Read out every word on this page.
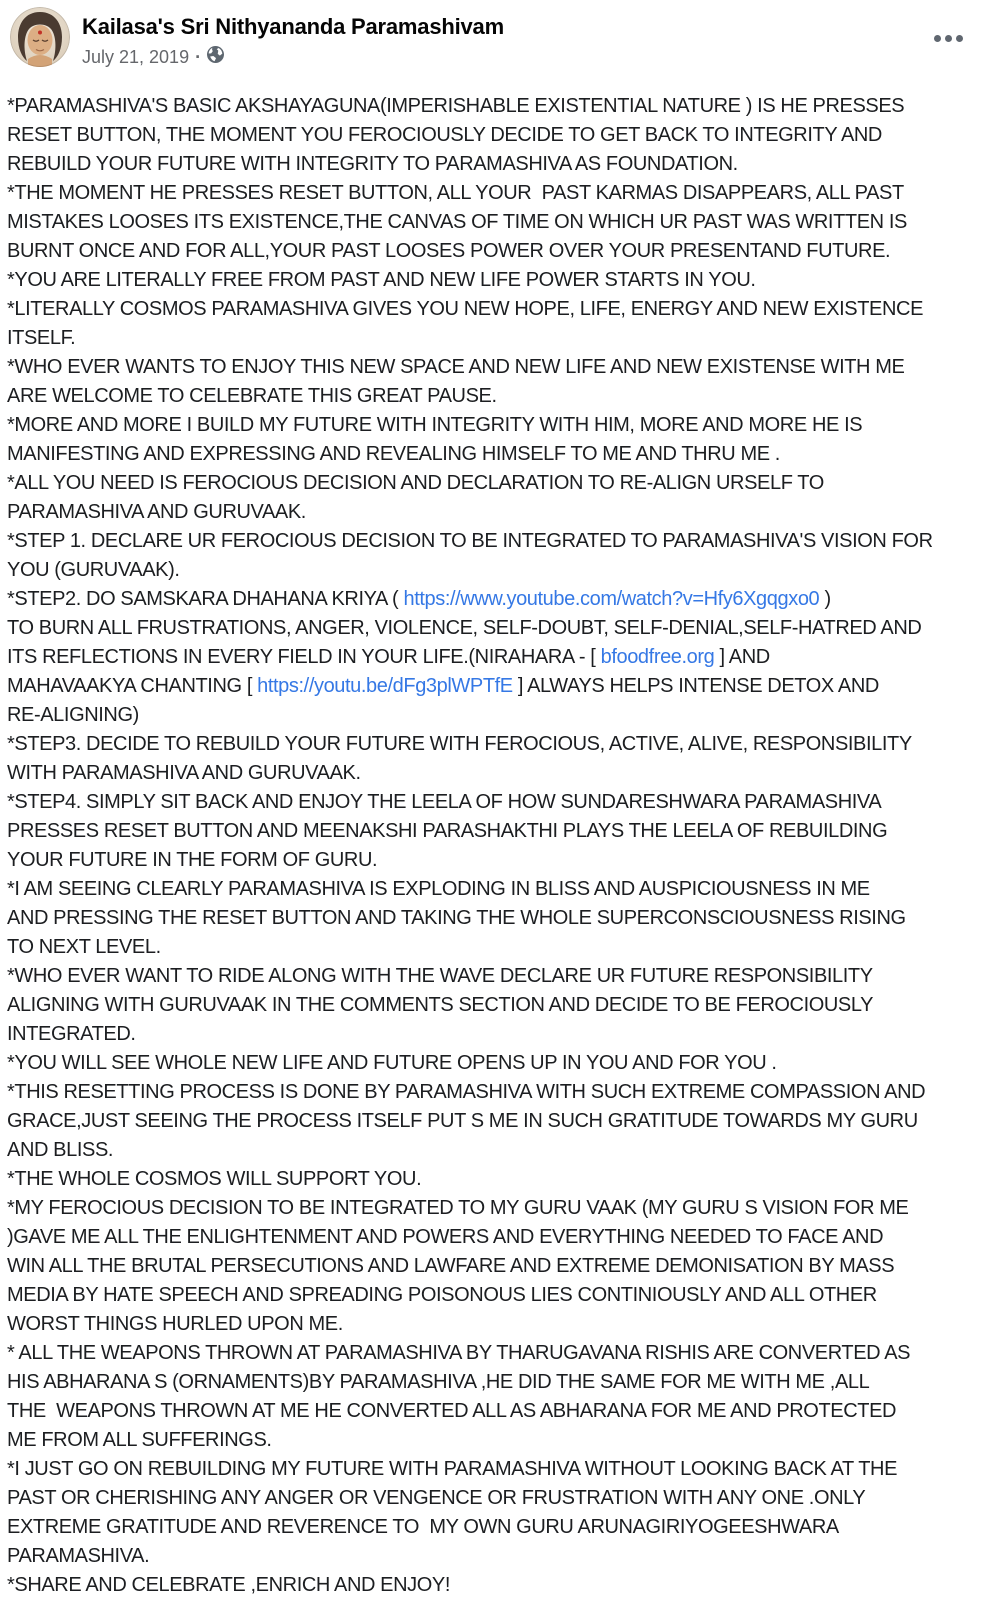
Kailasa's Sri Nithyananda Paramashivam
July 21, 2019 ·
*PARAMASHIVA'S BASIC AKSHAYAGUNA(IMPERISHABLE EXISTENTIAL NATURE ) IS HE PRESSES
RESET BUTTON, THE MOMENT YOU FEROCIOUSLY DECIDE TO GET BACK TO INTEGRITY AND
REBUILD YOUR FUTURE WITH INTEGRITY TO PARAMASHIVA AS FOUNDATION.
*THE MOMENT HE PRESSES RESET BUTTON, ALL YOUR  PAST KARMAS DISAPPEARS, ALL PAST
MISTAKES LOOSES ITS EXISTENCE,THE CANVAS OF TIME ON WHICH UR PAST WAS WRITTEN IS
BURNT ONCE AND FOR ALL,YOUR PAST LOOSES POWER OVER YOUR PRESENTAND FUTURE.
*YOU ARE LITERALLY FREE FROM PAST AND NEW LIFE POWER STARTS IN YOU.
*LITERALLY COSMOS PARAMASHIVA GIVES YOU NEW HOPE, LIFE, ENERGY AND NEW EXISTENCE
ITSELF.
*WHO EVER WANTS TO ENJOY THIS NEW SPACE AND NEW LIFE AND NEW EXISTENSE WITH ME
ARE WELCOME TO CELEBRATE THIS GREAT PAUSE.
*MORE AND MORE I BUILD MY FUTURE WITH INTEGRITY WITH HIM, MORE AND MORE HE IS
MANIFESTING AND EXPRESSING AND REVEALING HIMSELF TO ME AND THRU ME .
*ALL YOU NEED IS FEROCIOUS DECISION AND DECLARATION TO RE-ALIGN URSELF TO
PARAMASHIVA AND GURUVAAK.
*STEP 1. DECLARE UR FEROCIOUS DECISION TO BE INTEGRATED TO PARAMASHIVA'S VISION FOR
YOU (GURUVAAK).
*STEP2. DO SAMSKARA DHAHANA KRIYA ( https://www.youtube.com/watch?v=Hfy6Xgqgxo0 )
TO BURN ALL FRUSTRATIONS, ANGER, VIOLENCE, SELF-DOUBT, SELF-DENIAL,SELF-HATRED AND
ITS REFLECTIONS IN EVERY FIELD IN YOUR LIFE.(NIRAHARA - [ bfoodfree.org ] AND
MAHAVAAKYA CHANTING [ https://youtu.be/dFg3plWPTfE ] ALWAYS HELPS INTENSE DETOX AND
RE-ALIGNING)
*STEP3. DECIDE TO REBUILD YOUR FUTURE WITH FEROCIOUS, ACTIVE, ALIVE, RESPONSIBILITY
WITH PARAMASHIVA AND GURUVAAK.
*STEP4. SIMPLY SIT BACK AND ENJOY THE LEELA OF HOW SUNDARESHWARA PARAMASHIVA
PRESSES RESET BUTTON AND MEENAKSHI PARASHAKTHI PLAYS THE LEELA OF REBUILDING
YOUR FUTURE IN THE FORM OF GURU.
*I AM SEEING CLEARLY PARAMASHIVA IS EXPLODING IN BLISS AND AUSPICIOUSNESS IN ME
AND PRESSING THE RESET BUTTON AND TAKING THE WHOLE SUPERCONSCIOUSNESS RISING
TO NEXT LEVEL.
*WHO EVER WANT TO RIDE ALONG WITH THE WAVE DECLARE UR FUTURE RESPONSIBILITY
ALIGNING WITH GURUVAAK IN THE COMMENTS SECTION AND DECIDE TO BE FEROCIOUSLY
INTEGRATED.
*YOU WILL SEE WHOLE NEW LIFE AND FUTURE OPENS UP IN YOU AND FOR YOU .
*THIS RESETTING PROCESS IS DONE BY PARAMASHIVA WITH SUCH EXTREME COMPASSION AND
GRACE,JUST SEEING THE PROCESS ITSELF PUT S ME IN SUCH GRATITUDE TOWARDS MY GURU
AND BLISS.
*THE WHOLE COSMOS WILL SUPPORT YOU.
*MY FEROCIOUS DECISION TO BE INTEGRATED TO MY GURU VAAK (MY GURU S VISION FOR ME
)GAVE ME ALL THE ENLIGHTENMENT AND POWERS AND EVERYTHING NEEDED TO FACE AND
WIN ALL THE BRUTAL PERSECUTIONS AND LAWFARE AND EXTREME DEMONISATION BY MASS
MEDIA BY HATE SPEECH AND SPREADING POISONOUS LIES CONTINIOUSLY AND ALL OTHER
WORST THINGS HURLED UPON ME.
* ALL THE WEAPONS THROWN AT PARAMASHIVA BY THARUGAVANA RISHIS ARE CONVERTED AS
HIS ABHARANA S (ORNAMENTS)BY PARAMASHIVA ,HE DID THE SAME FOR ME WITH ME ,ALL
THE  WEAPONS THROWN AT ME HE CONVERTED ALL AS ABHARANA FOR ME AND PROTECTED
ME FROM ALL SUFFERINGS.
*I JUST GO ON REBUILDING MY FUTURE WITH PARAMASHIVA WITHOUT LOOKING BACK AT THE
PAST OR CHERISHING ANY ANGER OR VENGENCE OR FRUSTRATION WITH ANY ONE .ONLY
EXTREME GRATITUDE AND REVERENCE TO  MY OWN GURU ARUNAGIRIYOGEESHWARA
PARAMASHIVA.
*SHARE AND CELEBRATE ,ENRICH AND ENJOY!
